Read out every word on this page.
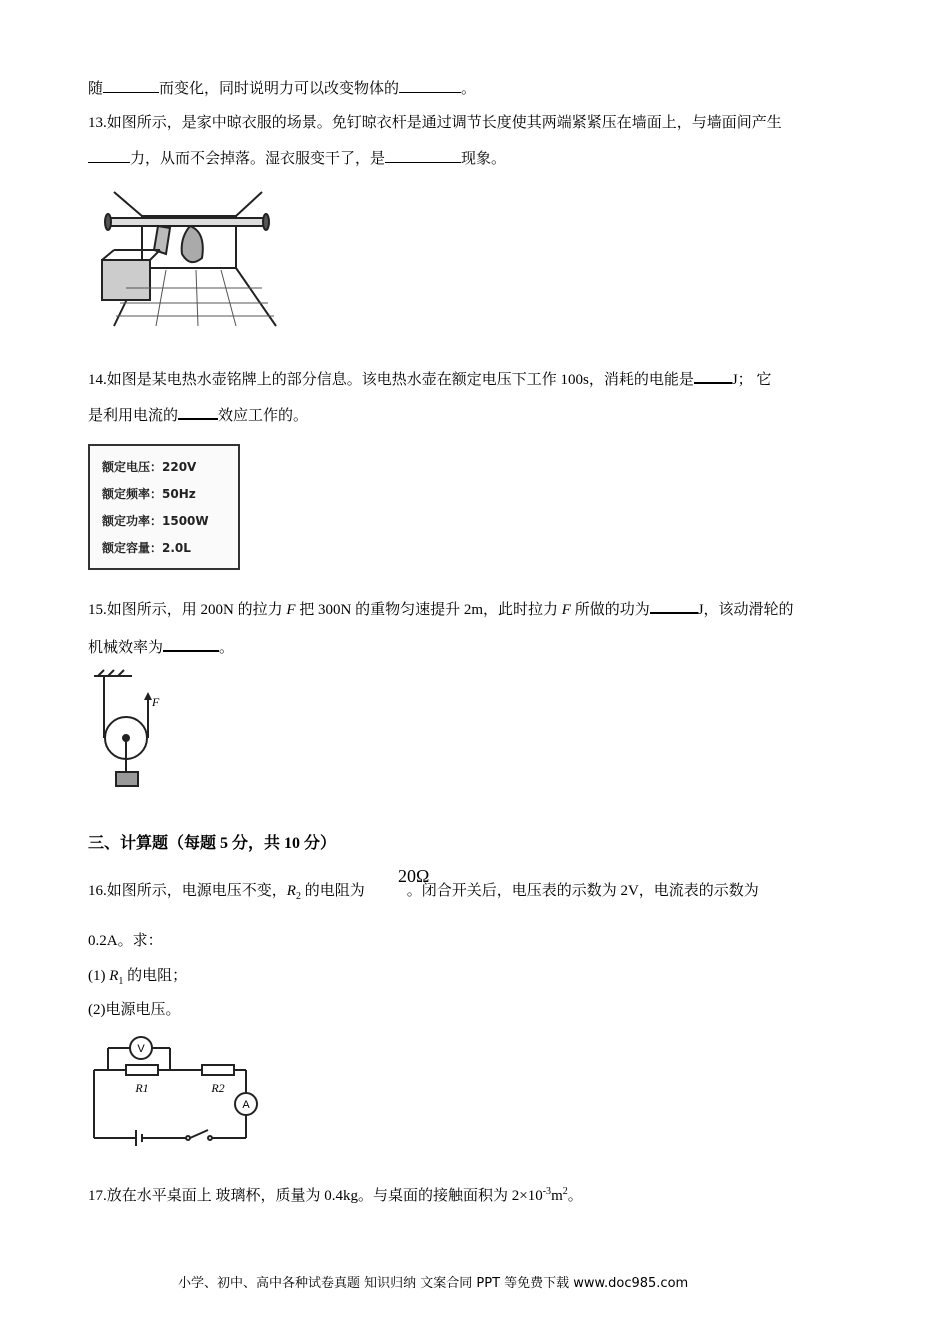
随	而变化，同时说明力可以改变物体的	。
13.如图所示，是家中晾衣服的场景。免钉晾衣杆是通过调节长度使其两端紧紧压在墙面上，与墙面间产生
力，从而不会掉落。湿衣服变干了，是	现象。
14.如图是某电热水壶铭牌上的部分信息。该电热水壶在额定电压下工作 100s，消耗的电能是	J； 它
是利用电流的	效应工作的。
额定电压：220V
额定频率：50Hz
额定功率：1500W
额定容量：2.0L
15.如图所示，用 200N 的拉力 F 把 300N 的重物匀速提升 2m，此时拉力 F 所做的功为	J，该动滑轮的
机械效率为	。
F
三、计算题（每题 5 分，共 10 分）
16.如图所示，电源电压不变，$R_2$ 的电阻为	。闭合开关后，电压表的示数为 2V，电流表的示数为
20Ω
0.2A。求：
(1) $R_1$ 的电阻；
(2)电源电压。
V
A
R1	R2
17.放在水平桌面上 玻璃杯，质量为 0.4kg。与桌面的接触面积为 $2\times 10^{-3}m^2$。
小学、初中、高中各种试卷真题 知识归纳 文案合同 PPT 等免费下载 www.doc985.com
